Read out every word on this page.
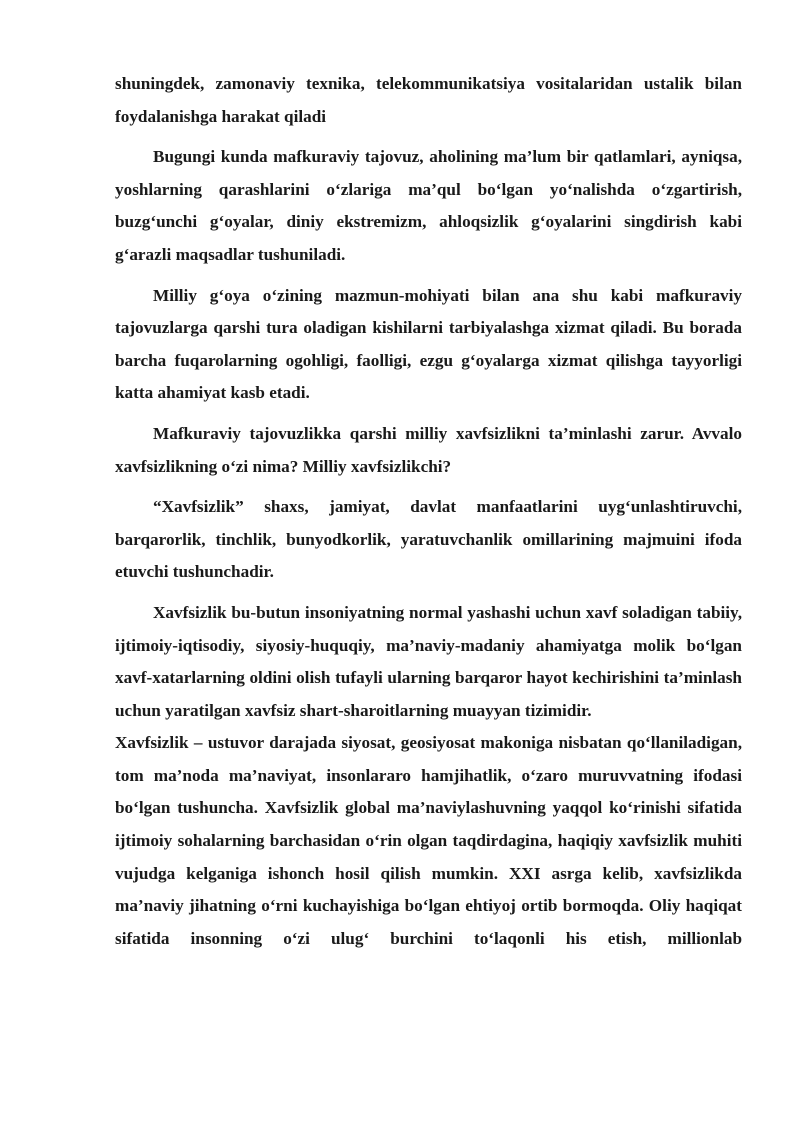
shuningdek, zamonaviy texnika, telekommunikatsiya vositalaridan ustalik bilan foydalanishga harakat qiladi

Bugungi kunda mafkuraviy tajovuz, aholining ma’lum bir qatlamlari, ayniqsa, yoshlarning qarashlarini o‘zlariga ma’qul bo‘lgan yo‘nalishda o‘zgartirish, buzg‘unchi g‘oyalar, diniy ekstremizm, ahloqsizlik g‘oyalarini singdirish kabi g‘arazli maqsadlar tushuniladi.

Milliy g‘oya o‘zining mazmun-mohiyati bilan ana shu kabi mafkuraviy tajovuzlarga qarshi tura oladigan kishilarni tarbiyalashga xizmat qiladi. Bu borada barcha fuqarolarning ogohligi, faolligi, ezgu g‘oyalarga xizmat qilishga tayyorligi katta ahamiyat kasb etadi.

Mafkuraviy tajovuzlikka qarshi milliy xavfsizlikni ta’minlashi zarur. Avvalo xavfsizlikning o‘zi nima? Milliy xavfsizlikchi?

“Xavfsizlik” shaxs, jamiyat, davlat manfaatlarini uyg‘unlashtiruvchi, barqarorlik, tinchlik, bunyodkorlik, yaratuvchanlik omillarining majmuini ifoda etuvchi tushunchadir.

Xavfsizlik bu-butun insoniyatning normal yashashi uchun xavf soladigan tabiiy, ijtimoiy-iqtisodiy, siyosiy-huquqiy, ma’naviy-madaniy ahamiyatga molik bo‘lgan xavf-xatarlarning oldini olish tufayli ularning barqaror hayot kechirishini ta’minlash uchun yaratilgan xavfsiz shart-sharoitlarning muayyan tizimidir.

Xavfsizlik – ustuvor darajada siyosat, geosiyosat makoniga nisbatan qo‘llaniladigan, tom ma’noda ma’naviyat, insonlararo hamjihatlik, o‘zaro muruvvatning ifodasi bo‘lgan tushuncha. Xavfsizlik global ma’naviylashuvning yaqqol ko‘rinishi sifatida ijtimoiy sohalarning barchasidan o‘rin olgan taqdirdagina, haqiqiy xavfsizlik muhiti vujudga kelganiga ishonch hosil qilish mumkin. XXI asrga kelib, xavfsizlikda ma’naviy jihatning o‘rni kuchayishiga bo‘lgan ehtiyoj ortib bormoqda. Oliy haqiqat sifatida insonning o‘zi ulug‘ burchini to‘laqonli his etish, millionlab
